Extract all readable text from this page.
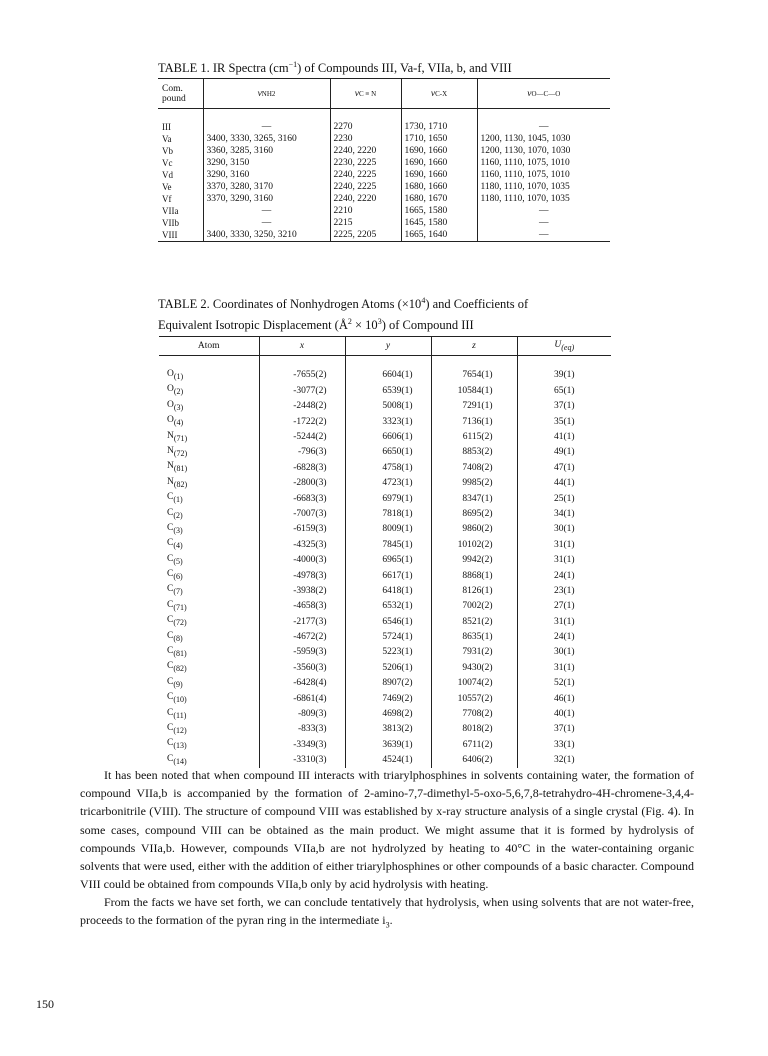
TABLE 1. IR Spectra $(cm^{-1})$ of Compounds III, Va-f, VIIa, b, and VIII

Com.
pound	νNH2	νC ≡ N	νC-X	νO—C—O
III	—	2270	1730, 1710	—
Va	3400, 3330, 3265, 3160	2230	1710, 1650	1200, 1130, 1045, 1030
Vb	3360, 3285, 3160	2240, 2220	1690, 1660	1200, 1130, 1070, 1030
Vc	3290, 3150	2230, 2225	1690, 1660	1160, 1110, 1075, 1010
Vd	3290, 3160	2240, 2225	1690, 1660	1160, 1110, 1075, 1010
Ve	3370, 3280, 3170	2240, 2225	1680, 1660	1180, 1110, 1070, 1035
Vf	3370, 3290, 3160	2240, 2220	1680, 1670	1180, 1110, 1070, 1035
VIIa	—	2210	1665, 1580	—
VIIb	—	2215	1645, 1580	—
VIII	3400, 3330, 3250, 3210	2225, 2205	1665, 1640	—

TABLE 2. Coordinates of Nonhydrogen Atoms $(\times 10^4)$ and Coefficients of
Equivalent Isotropic Displacement $(Å^2 \times 10^3)$ of Compound III

Atom	x	y	z	$U_{(eq)}$
$O_{(1)}$	-7655(2)	6604(1)	7654(1)	39(1)
$O_{(2)}$	-3077(2)	6539(1)	10584(1)	65(1)
$O_{(3)}$	-2448(2)	5008(1)	7291(1)	37(1)
$O_{(4)}$	-1722(2)	3323(1)	7136(1)	35(1)
$N_{(71)}$	-5244(2)	6606(1)	6115(2)	41(1)
$N_{(72)}$	-796(3)	6650(1)	8853(2)	49(1)
$N_{(81)}$	-6828(3)	4758(1)	7408(2)	47(1)
$N_{(82)}$	-2800(3)	4723(1)	9985(2)	44(1)
$C_{(1)}$	-6683(3)	6979(1)	8347(1)	25(1)
$C_{(2)}$	-7007(3)	7818(1)	8695(2)	34(1)
$C_{(3)}$	-6159(3)	8009(1)	9860(2)	30(1)
$C_{(4)}$	-4325(3)	7845(1)	10102(2)	31(1)
$C_{(5)}$	-4000(3)	6965(1)	9942(2)	31(1)
$C_{(6)}$	-4978(3)	6617(1)	8868(1)	24(1)
$C_{(7)}$	-3938(2)	6418(1)	8126(1)	23(1)
$C_{(71)}$	-4658(3)	6532(1)	7002(2)	27(1)
$C_{(72)}$	-2177(3)	6546(1)	8521(2)	31(1)
$C_{(8)}$	-4672(2)	5724(1)	8635(1)	24(1)
$C_{(81)}$	-5959(3)	5223(1)	7931(2)	30(1)
$C_{(82)}$	-3560(3)	5206(1)	9430(2)	31(1)
$C_{(9)}$	-6428(4)	8907(2)	10074(2)	52(1)
$C_{(10)}$	-6861(4)	7469(2)	10557(2)	46(1)
$C_{(11)}$	-809(3)	4698(2)	7708(2)	40(1)
$C_{(12)}$	-833(3)	3813(2)	8018(2)	37(1)
$C_{(13)}$	-3349(3)	3639(1)	6711(2)	33(1)
$C_{(14)}$	-3310(3)	4524(1)	6406(2)	32(1)

It has been noted that when compound III interacts with triarylphosphines in solvents containing water, the formation of compound VIIa,b is accompanied by the formation of 2-amino-7,7-dimethyl-5-oxo-5,6,7,8-tetrahydro-4H-chromene-3,4,4-tricarbonitrile (VIII). The structure of compound VIII was established by x-ray structure analysis of a single crystal (Fig. 4). In some cases, compound VIII can be obtained as the main product. We might assume that it is formed by hydrolysis of compounds VIIa,b. However, compounds VIIa,b are not hydrolyzed by heating to 40°C in the water-containing organic solvents that were used, either with the addition of either triarylphosphines or other compounds of a basic character. Compound VIII could be obtained from compounds VIIa,b only by acid hydrolysis with heating.

From the facts we have set forth, we can conclude tentatively that hydrolysis, when using solvents that are not water-free, proceeds to the formation of the pyran ring in the intermediate $i_3$.

150
